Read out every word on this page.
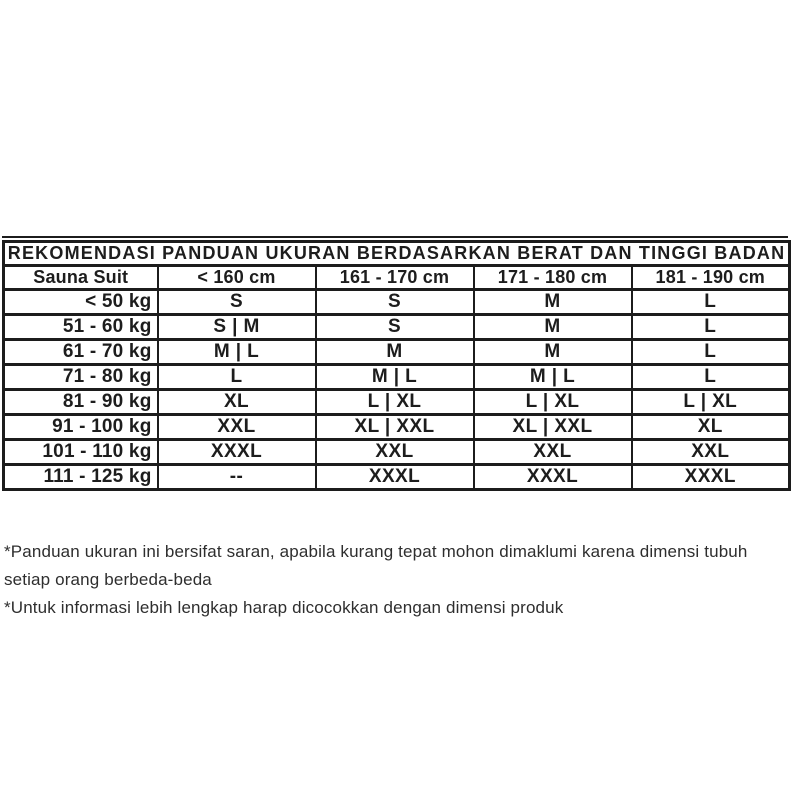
REKOMENDASI PANDUAN UKURAN BERDASARKAN BERAT DAN TINGGI BADAN				
Sauna Suit	< 160 cm	161 - 170 cm	171 - 180 cm	181 - 190 cm
< 50 kg	S	S	M	L
51 - 60 kg	S | M	S	M	L
61 - 70 kg	M | L	M	M	L
71 - 80 kg	L	M | L	M | L	L
81 - 90 kg	XL	L | XL	L | XL	L | XL
91 - 100 kg	XXL	XL | XXL	XL | XXL	XL
101 - 110 kg	XXXL	XXL	XXL	XXL
111 - 125 kg	--	XXXL	XXXL	XXXL

*Panduan ukuran ini bersifat saran, apabila kurang tepat mohon dimaklumi karena dimensi tubuh setiap orang berbeda-beda

*Untuk informasi lebih lengkap harap dicocokkan dengan dimensi produk
